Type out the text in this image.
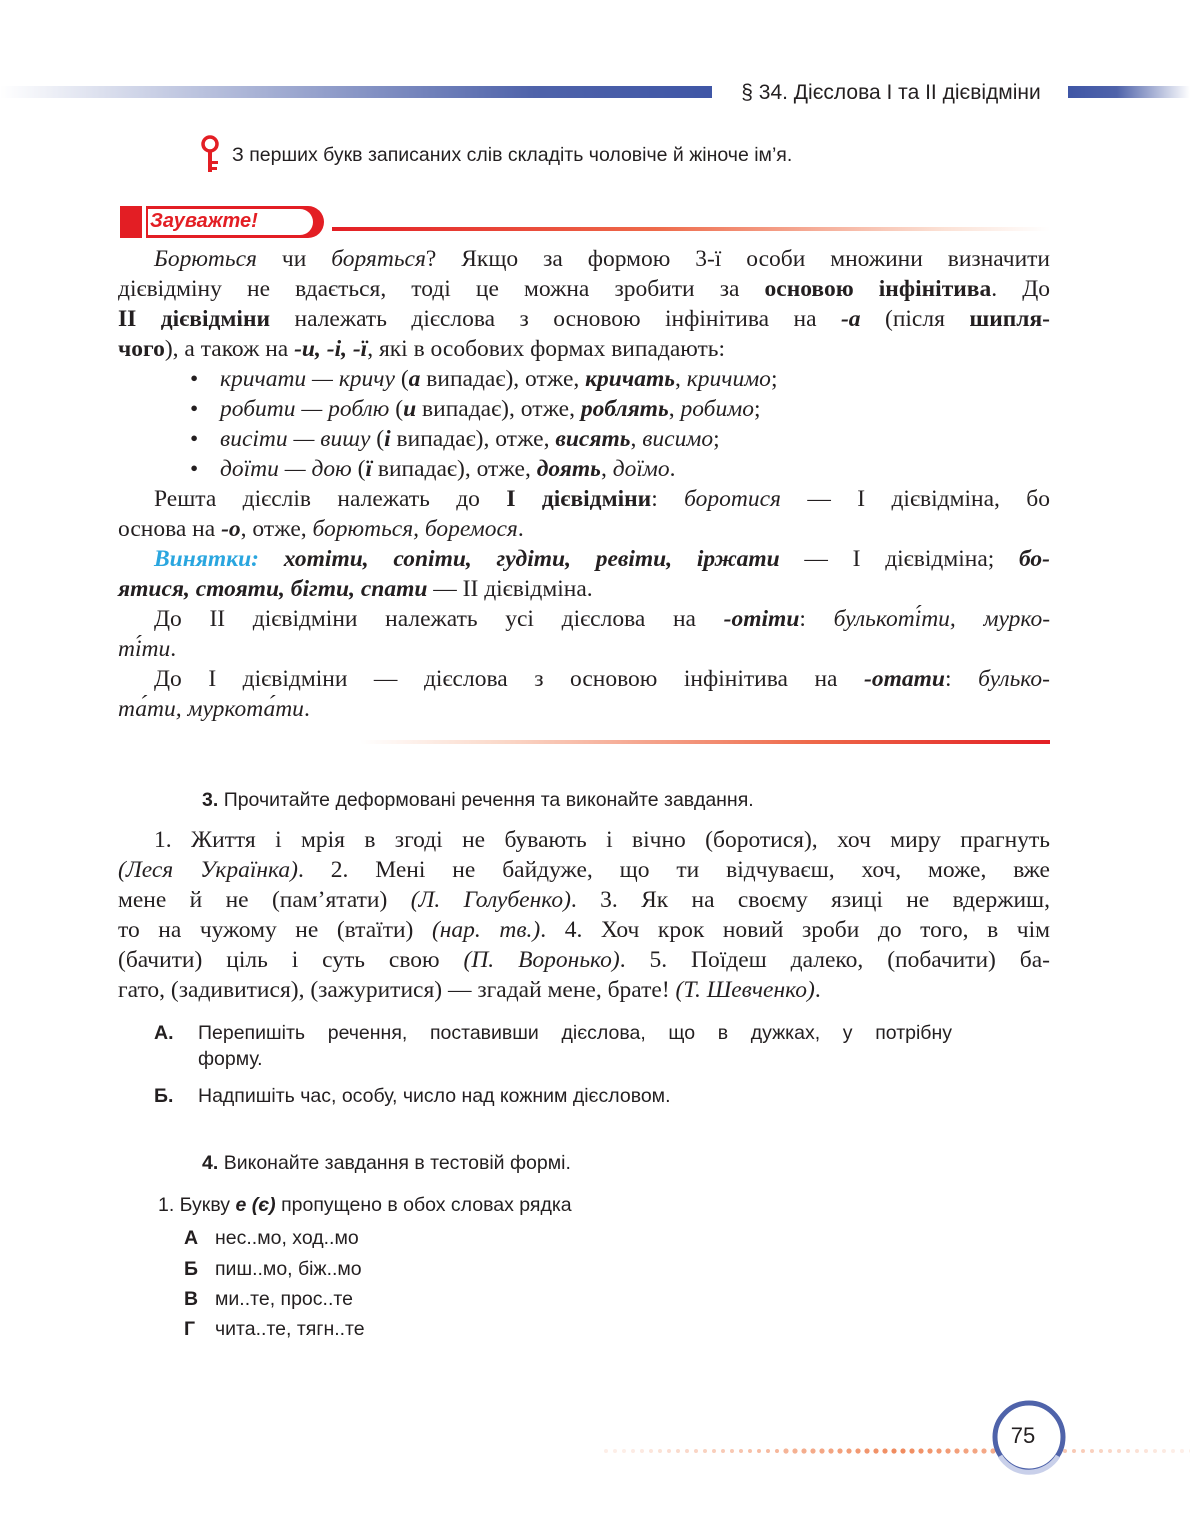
§ 34. Дієслова І та ІІ дієвідміни
З перших букв записаних слів складіть чоловіче й жіноче ім’я.
Зауважте!
Борються чи боряться? Якщо за формою 3-ї особи множини визначити
дієвідміну не вдається, тоді це можна зробити за основою інфінітива. До
ІІ дієвідміни належать дієслова з основою інфінітива на -а (після шипля-
чого), а також на -и, -і, -ї, які в особових формах випадають:
• кричати — кричу (а випадає), отже, кричать, кричимо;
• робити — роблю (и випадає), отже, роблять, робимо;
• висіти — вишу (і випадає), отже, висять, висимо;
• доїти — дою (ї випадає), отже, доять, доїмо.
Решта дієслів належать до І дієвідміни: боротися — І дієвідміна, бо
основа на -о, отже, борються, боремося.
Винятки: хотіти, сопіти, гудіти, ревіти, іржати — І дієвідміна; бо-
ятися, стояти, бігти, спати — ІІ дієвідміна.
До ІІ дієвідміни належать усі дієслова на -отіти: булькоті́ти, мурко-
ті́ти.
До І дієвідміни — дієслова з основою інфінітива на -отати: булько-
та́ти, муркота́ти.
3. Прочитайте деформовані речення та виконайте завдання.
1. Життя і мрія в згоді не бувають і вічно (боротися), хоч миру прагнуть
(Леся Українка). 2. Мені не байдуже, що ти відчуваєш, хоч, може, вже
мене й не (пам’ятати) (Л. Голубенко). 3. Як на своєму язиці не вдержиш,
то на чужому не (втаїти) (нар. тв.). 4. Хоч крок новий зроби до того, в чім
(бачити) ціль і суть свою (П. Воронько). 5. Поїдеш далеко, (побачити) ба-
гато, (задивитися), (зажуритися) — згадай мене, брате! (Т. Шевченко).
А. Перепишіть речення, поставивши дієслова, що в дужках, у потрібну
форму.
Б. Надпишіть час, особу, число над кожним дієсловом.
4. Виконайте завдання в тестовій формі.
1. Букву е (є) пропущено в обох словах рядка
А нес..мо, ход..мо
Б пиш..мо, біж..мо
В ми..те, прос..те
Г чита..те, тягн..те
75
